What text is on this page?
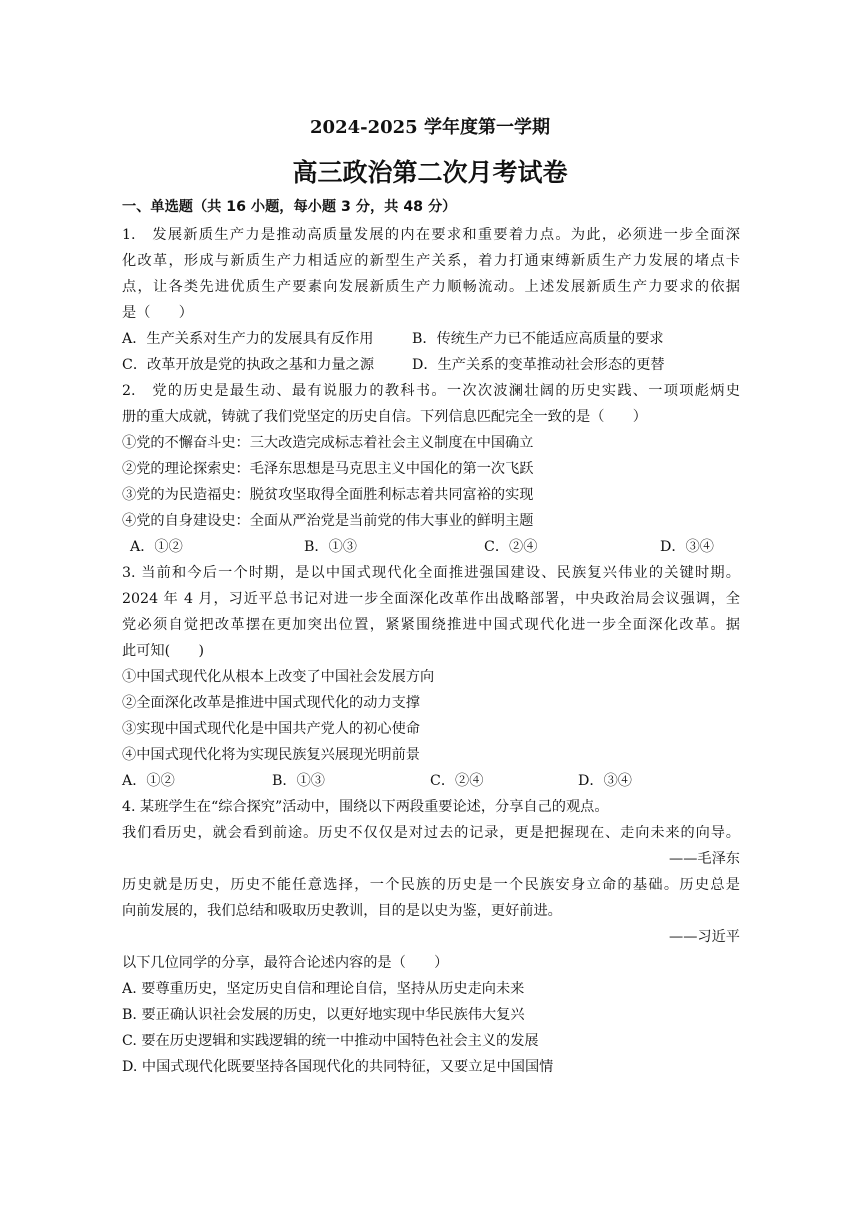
2024-2025 学年度第一学期
高三政治第二次月考试卷
一、单选题（共 16 小题，每小题 3 分，共 48 分）
1.　发展新质生产力是推动高质量发展的内在要求和重要着力点。为此，必须进一步全面深
化改革，形成与新质生产力相适应的新型生产关系，着力打通束缚新质生产力发展的堵点卡
点，让各类先进优质生产要素向发展新质生产力顺畅流动。上述发展新质生产力要求的依据
是（　　）
A．生产关系对生产力的发展具有反作用	B．传统生产力已不能适应高质量的要求
C．改革开放是党的执政之基和力量之源	D．生产关系的变革推动社会形态的更替
2.　党的历史是最生动、最有说服力的教科书。一次次波澜壮阔的历史实践、一项项彪炳史
册的重大成就，铸就了我们党坚定的历史自信。下列信息匹配完全一致的是（　　）
①党的不懈奋斗史：三大改造完成标志着社会主义制度在中国确立
②党的理论探索史：毛泽东思想是马克思主义中国化的第一次飞跃
③党的为民造福史：脱贫攻坚取得全面胜利标志着共同富裕的实现
④党的自身建设史：全面从严治党是当前党的伟大事业的鲜明主题
A．①②	B．①③	C．②④	D．③④
3. 当前和今后一个时期，是以中国式现代化全面推进强国建设、民族复兴伟业的关键时期。
2024 年 4 月，习近平总书记对进一步全面深化改革作出战略部署，中央政治局会议强调，全
党必须自觉把改革摆在更加突出位置，紧紧围绕推进中国式现代化进一步全面深化改革。据
此可知(　　)
①中国式现代化从根本上改变了中国社会发展方向
②全面深化改革是推进中国式现代化的动力支撑
③实现中国式现代化是中国共产党人的初心使命
④中国式现代化将为实现民族复兴展现光明前景
A．①②	B．①③	C．②④	D．③④
4. 某班学生在“综合探究”活动中，围绕以下两段重要论述，分享自己的观点。
我们看历史，就会看到前途。历史不仅仅是对过去的记录，更是把握现在、走向未来的向导。
——毛泽东
历史就是历史，历史不能任意选择，一个民族的历史是一个民族安身立命的基础。历史总是
向前发展的，我们总结和吸取历史教训，目的是以史为鉴，更好前进。
——习近平
以下几位同学的分享，最符合论述内容的是（　　）
A. 要尊重历史，坚定历史自信和理论自信，坚持从历史走向未来
B. 要正确认识社会发展的历史，以更好地实现中华民族伟大复兴
C. 要在历史逻辑和实践逻辑的统一中推动中国特色社会主义的发展
D. 中国式现代化既要坚持各国现代化的共同特征，又要立足中国国情
